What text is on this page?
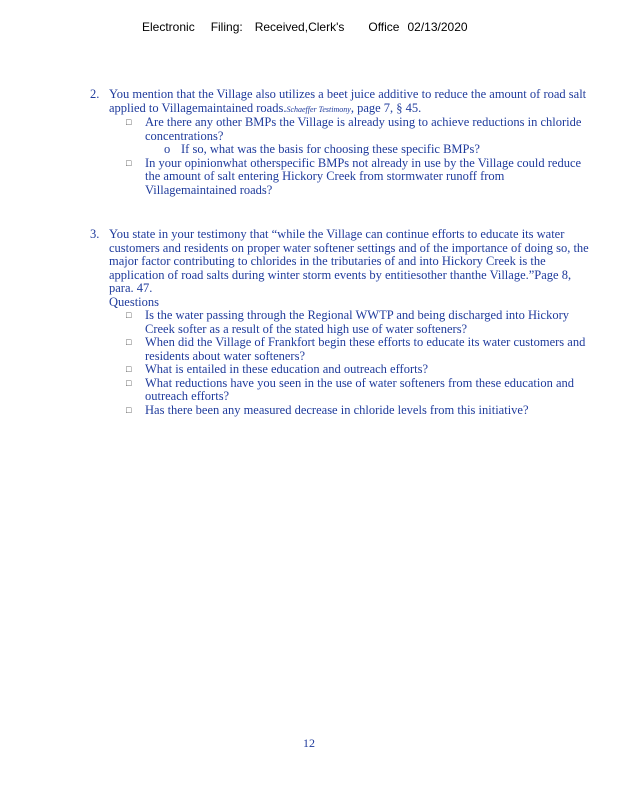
Electronic Filing: Received,Clerk's Office 02/13/2020
2. You mention that the Village also utilizes a beet juice additive to reduce the amount of road salt applied to Villagemaintained roads.Schaeffer Testimony, page 7, § 45.

□ Are there any other BMPs the Village is already using to achieve reductions in chloride concentrations?
o If so, what was the basis for choosing these specific BMPs?
□ In your opinionwhat otherspecific BMPs not already in use by the Village could reduce the amount of salt entering Hickory Creek from stormwater runoff from Villagemaintained roads?
3. You state in your testimony that “while the Village can continue efforts to educate its water customers and residents on proper water softener settings and of the importance of doing so, the major factor contributing to chlorides in the tributaries of and into Hickory Creek is the application of road salts during winter storm events by entitiesother thanthe Village.”Page 8, para. 47.

Questions

□ Is the water passing through the Regional WWTP and being discharged into Hickory Creek softer as a result of the stated high use of water softeners?
□ When did the Village of Frankfort begin these efforts to educate its water customers and residents about water softeners?
□ What is entailed in these education and outreach efforts?
□ What reductions have you seen in the use of water softeners from these education and outreach efforts?
□ Has there been any measured decrease in chloride levels from this initiative?
12
